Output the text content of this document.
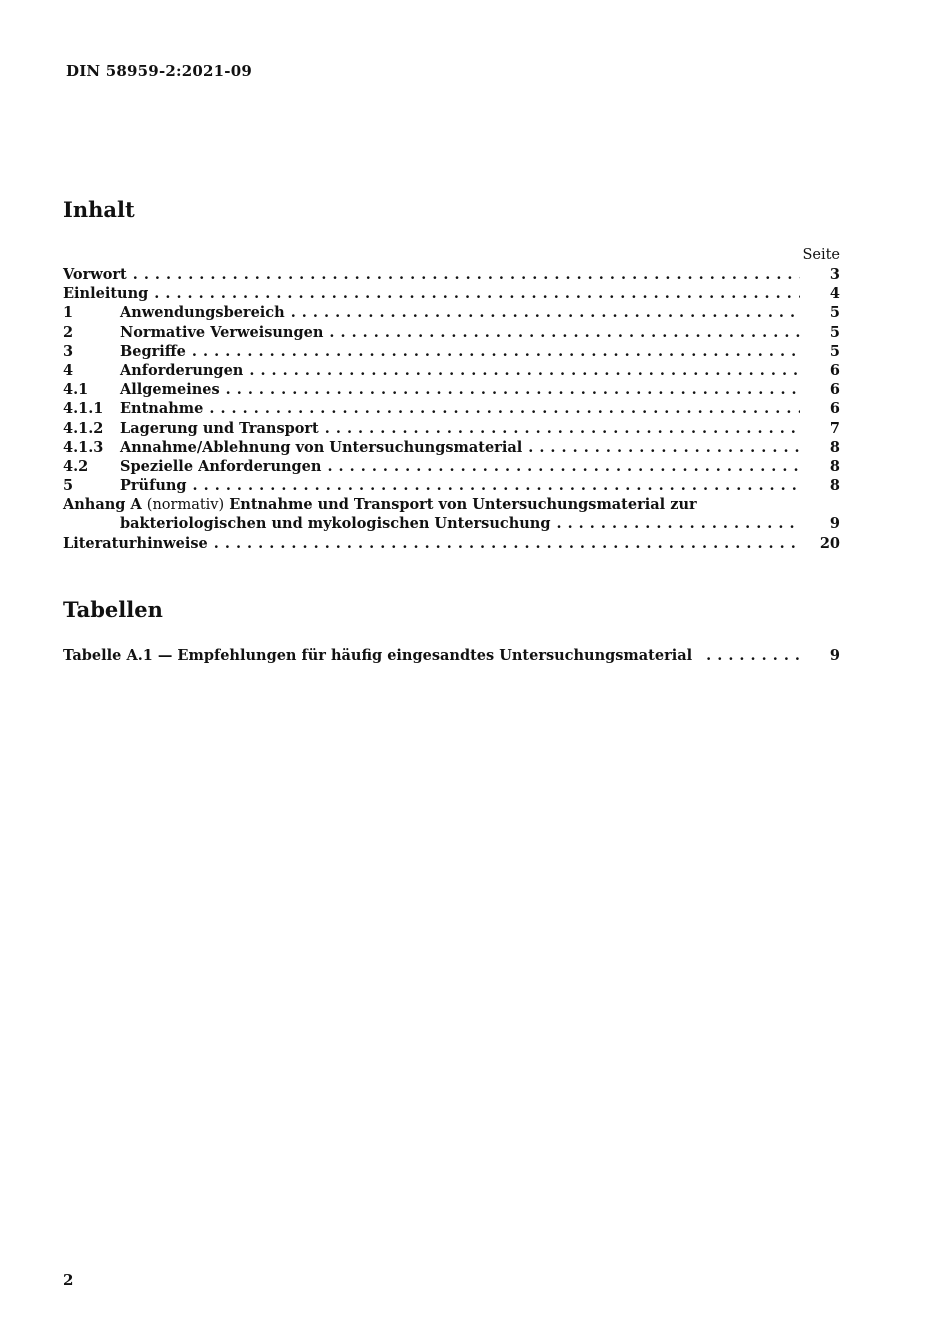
DIN 58959-2:2021-09
Inhalt
Seite
Vorwort . . .	3
Einleitung . . .	4
1	Anwendungsbereich . . .	5
2	Normative Verweisungen . . .	5
3	Begriffe . . .	5
4	Anforderungen . . .	6
4.1	Allgemeines . . .	6
4.1.1	Entnahme . . .	6
4.1.2	Lagerung und Transport . . .	7
4.1.3	Annahme/Ablehnung von Untersuchungsmaterial . . .	8
4.2	Spezielle Anforderungen . . .	8
5	Prüfung . . .	8
Anhang A (normativ) Entnahme und Transport von Untersuchungsmaterial zur
bakteriologischen und mykologischen Untersuchung . . .	9
Literaturhinweise . . .	20
Tabellen
Tabelle A.1 — Empfehlungen für häufig eingesandtes Untersuchungsmaterial . . .	9
2
